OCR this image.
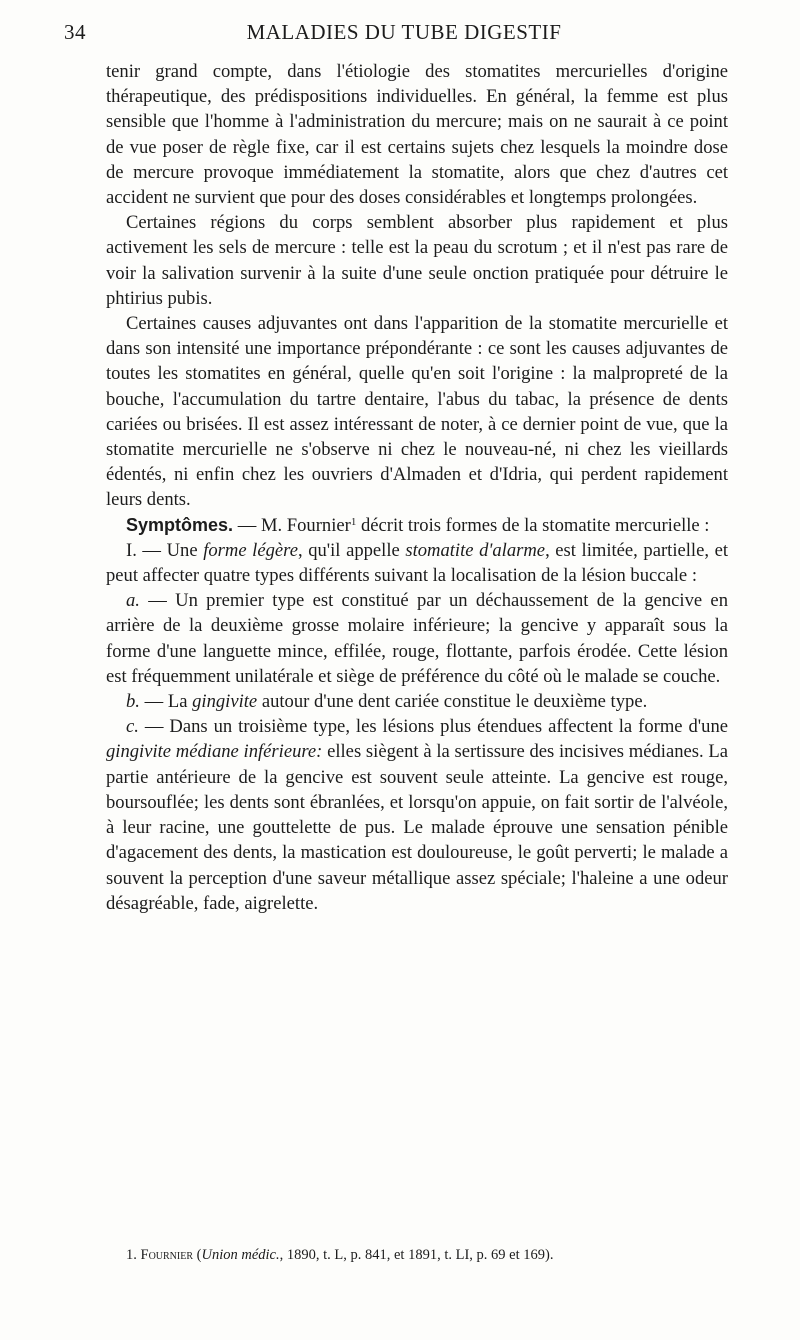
34	MALADIES DU TUBE DIGESTIF

tenir grand compte, dans l'étiologie des stomatites mercurielles d'origine thérapeutique, des prédispositions individuelles. En général, la femme est plus sensible que l'homme à l'administration du mercure; mais on ne saurait à ce point de vue poser de règle fixe, car il est certains sujets chez lesquels la moindre dose de mercure provoque immédiatement la stomatite, alors que chez d'autres cet accident ne survient que pour des doses considérables et longtemps prolongées.

Certaines régions du corps semblent absorber plus rapidement et plus activement les sels de mercure : telle est la peau du scrotum ; et il n'est pas rare de voir la salivation survenir à la suite d'une seule onction pratiquée pour détruire le phtirius pubis.

Certaines causes adjuvantes ont dans l'apparition de la stomatite mercurielle et dans son intensité une importance prépondérante : ce sont les causes adjuvantes de toutes les stomatites en général, quelle qu'en soit l'origine : la malpropreté de la bouche, l'accumulation du tartre dentaire, l'abus du tabac, la présence de dents cariées ou brisées. Il est assez intéressant de noter, à ce dernier point de vue, que la stomatite mercurielle ne s'observe ni chez le nouveau-né, ni chez les vieillards édentés, ni enfin chez les ouvriers d'Almaden et d'Idria, qui perdent rapidement leurs dents.

Symptômes. — M. Fournier$^1$ décrit trois formes de la stomatite mercurielle :

I. — Une forme légère, qu'il appelle stomatite d'alarme, est limitée, partielle, et peut affecter quatre types différents suivant la localisation de la lésion buccale :

a. — Un premier type est constitué par un déchaussement de la gencive en arrière de la deuxième grosse molaire inférieure; la gencive y apparaît sous la forme d'une languette mince, effilée, rouge, flottante, parfois érodée. Cette lésion est fréquemment unilatérale et siège de préférence du côté où le malade se couche.

b. — La gingivite autour d'une dent cariée constitue le deuxième type.

c. — Dans un troisième type, les lésions plus étendues affectent la forme d'une gingivite médiane inférieure: elles siègent à la sertissure des incisives médianes. La partie antérieure de la gencive est souvent seule atteinte. La gencive est rouge, boursouflée; les dents sont ébranlées, et lorsqu'on appuie, on fait sortir de l'alvéole, à leur racine, une gouttelette de pus. Le malade éprouve une sensation pénible d'agacement des dents, la mastication est douloureuse, le goût perverti; le malade a souvent la perception d'une saveur métallique assez spéciale; l'haleine a une odeur désagréable, fade, aigrelette.

1. Fournier (Union médic., 1890, t. L, p. 841, et 1891, t. LI, p. 69 et 169).
